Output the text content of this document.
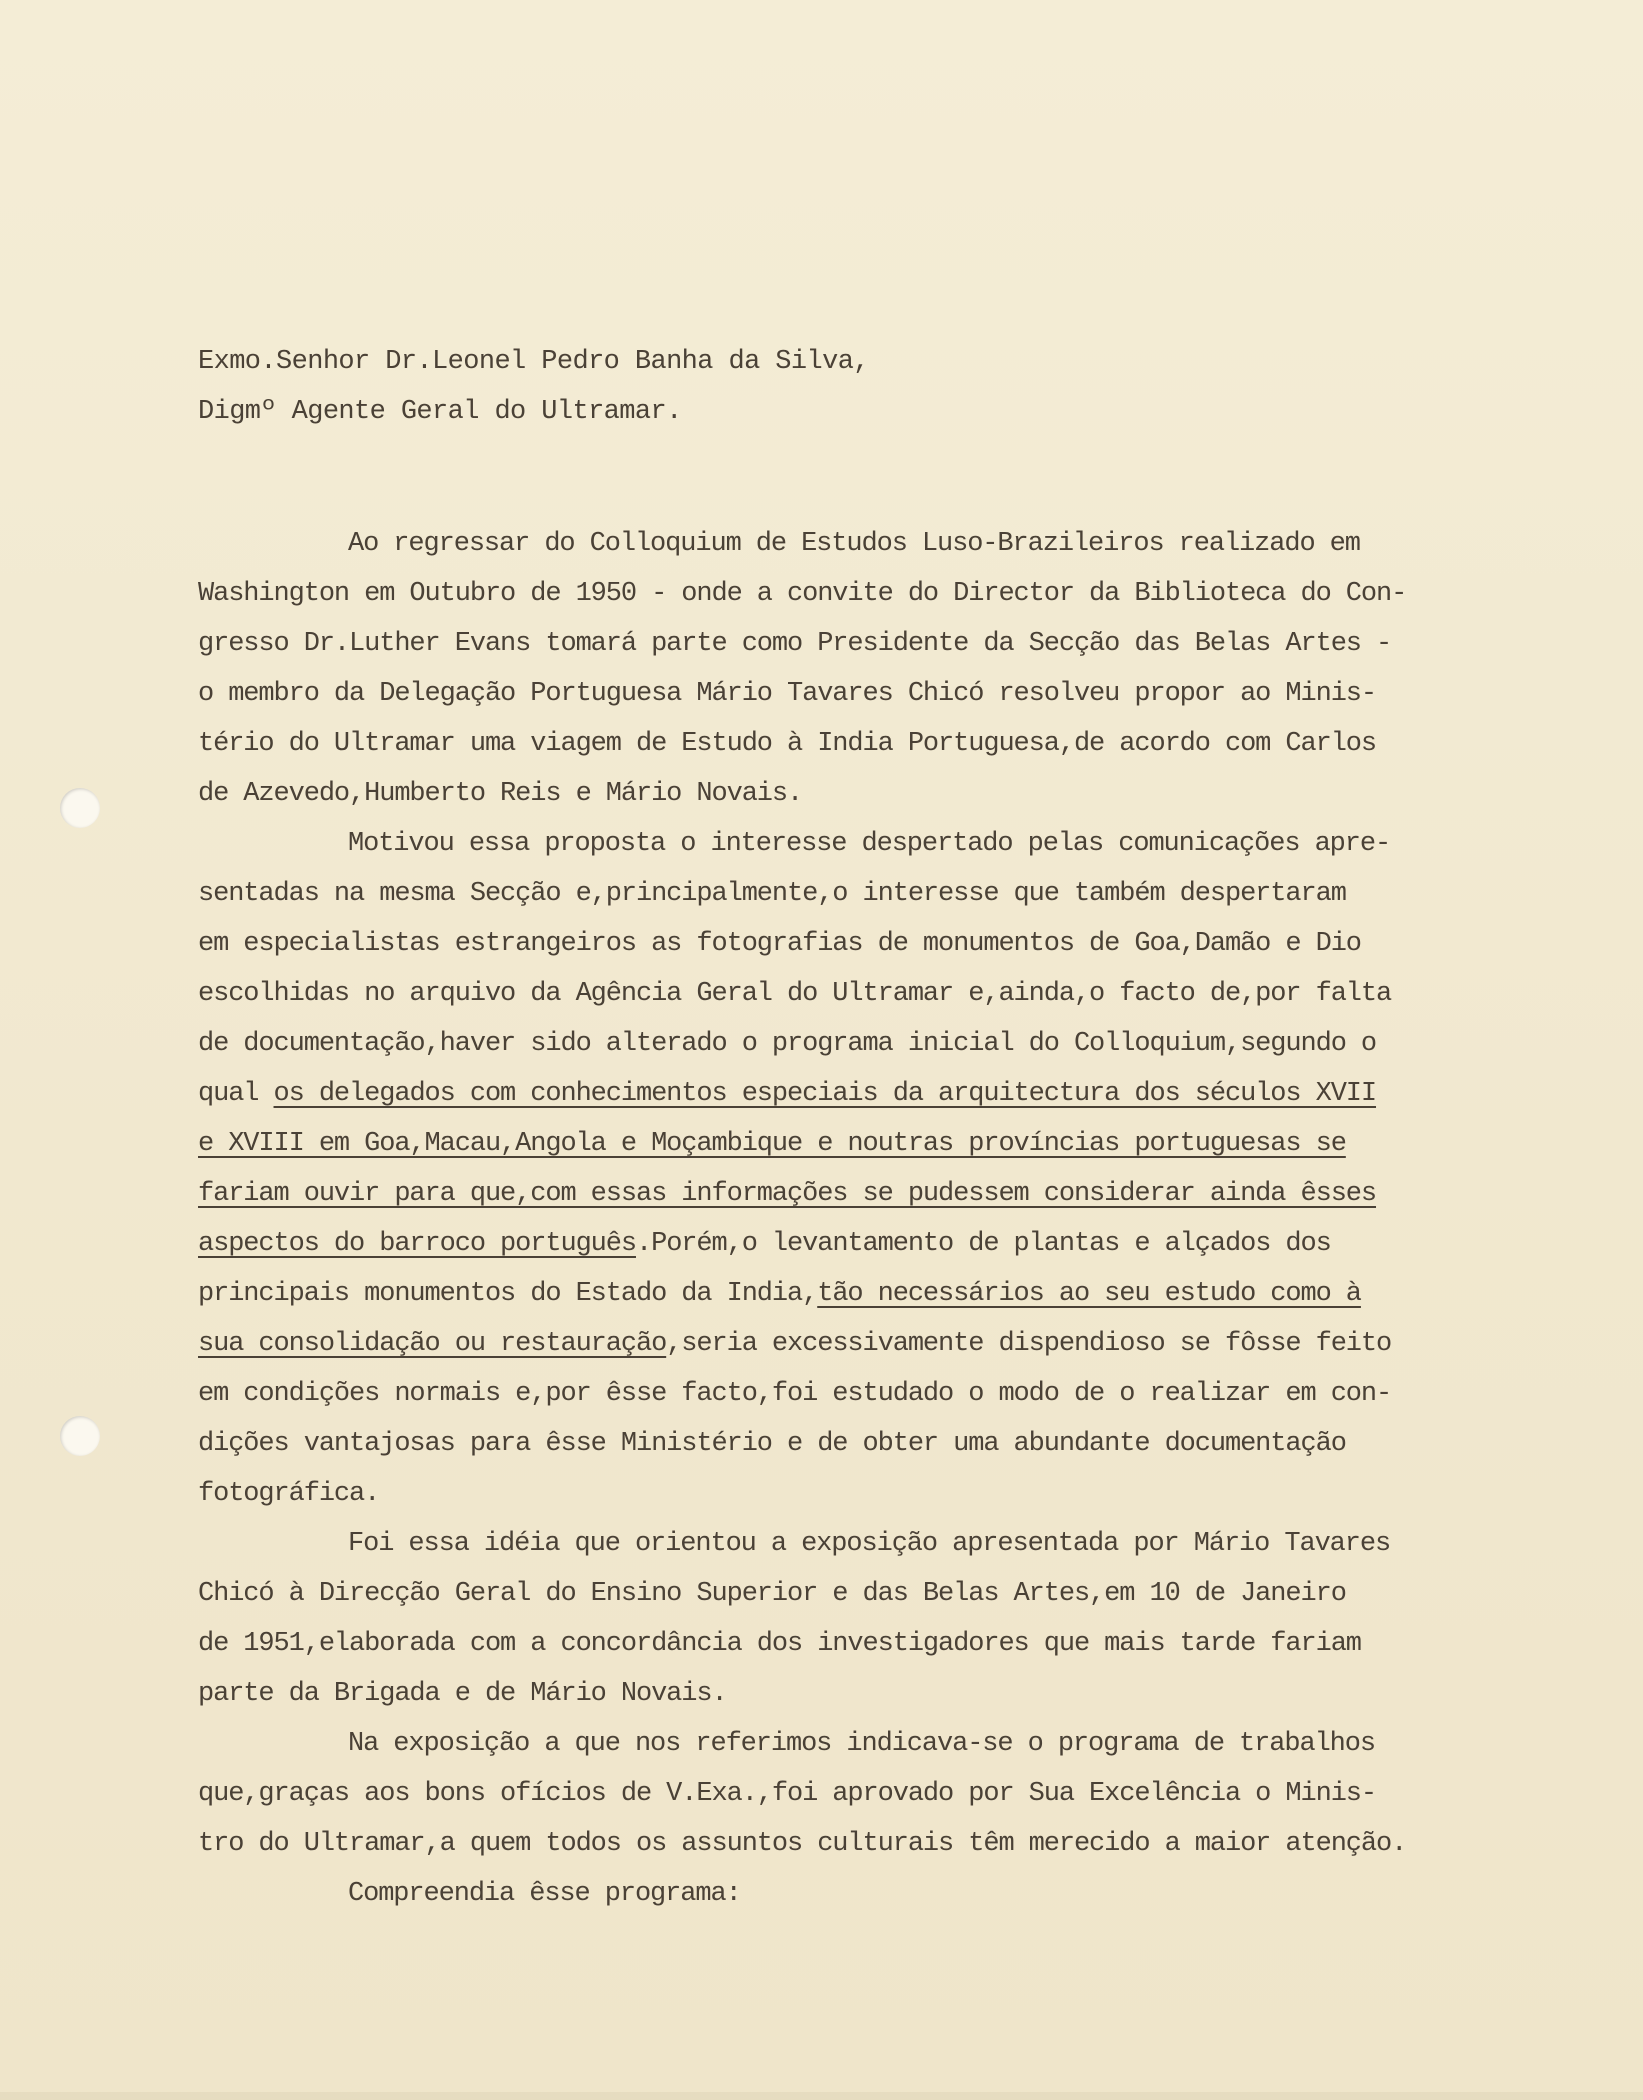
Exmo.Senhor Dr.Leonel Pedro Banha da Silva,
Digmº Agente Geral do Ultramar.
Ao regressar do Colloquium de Estudos Luso-Brazileiros realizado em
Washington em Outubro de 1950 - onde a convite do Director da Biblioteca do Con-
gresso Dr.Luther Evans tomará parte como Presidente da Secção das Belas Artes -
o membro da Delegação Portuguesa Mário Tavares Chicó resolveu propor ao Minis-
tério do Ultramar uma viagem de Estudo à India Portuguesa,de acordo com Carlos
de Azevedo,Humberto Reis e Mário Novais.
Motivou essa proposta o interesse despertado pelas comunicações apre-
sentadas na mesma Secção e,principalmente,o interesse que também despertaram
em especialistas estrangeiros as fotografias de monumentos de Goa,Damão e Dio
escolhidas no arquivo da Agência Geral do Ultramar e,ainda,o facto de,por falta
de documentação,haver sido alterado o programa inicial do Colloquium,segundo o
qual os delegados com conhecimentos especiais da arquitectura dos séculos XVII
e XVIII em Goa,Macau,Angola e Moçambique e noutras províncias portuguesas se
fariam ouvir para que,com essas informações se pudessem considerar ainda êsses
aspectos do barroco português.Porém,o levantamento de plantas e alçados dos
principais monumentos do Estado da India,tão necessários ao seu estudo como à
sua consolidação ou restauração,seria excessivamente dispendioso se fôsse feito
em condições normais e,por êsse facto,foi estudado o modo de o realizar em con-
dições vantajosas para êsse Ministério e de obter uma abundante documentação
fotográfica.
Foi essa idéia que orientou a exposição apresentada por Mário Tavares
Chicó à Direcção Geral do Ensino Superior e das Belas Artes,em 10 de Janeiro
de 1951,elaborada com a concordância dos investigadores que mais tarde fariam
parte da Brigada e de Mário Novais.
Na exposição a que nos referimos indicava-se o programa de trabalhos
que,graças aos bons ofícios de V.Exa.,foi aprovado por Sua Excelência o Minis-
tro do Ultramar,a quem todos os assuntos culturais têm merecido a maior atenção.
Compreendia êsse programa:
